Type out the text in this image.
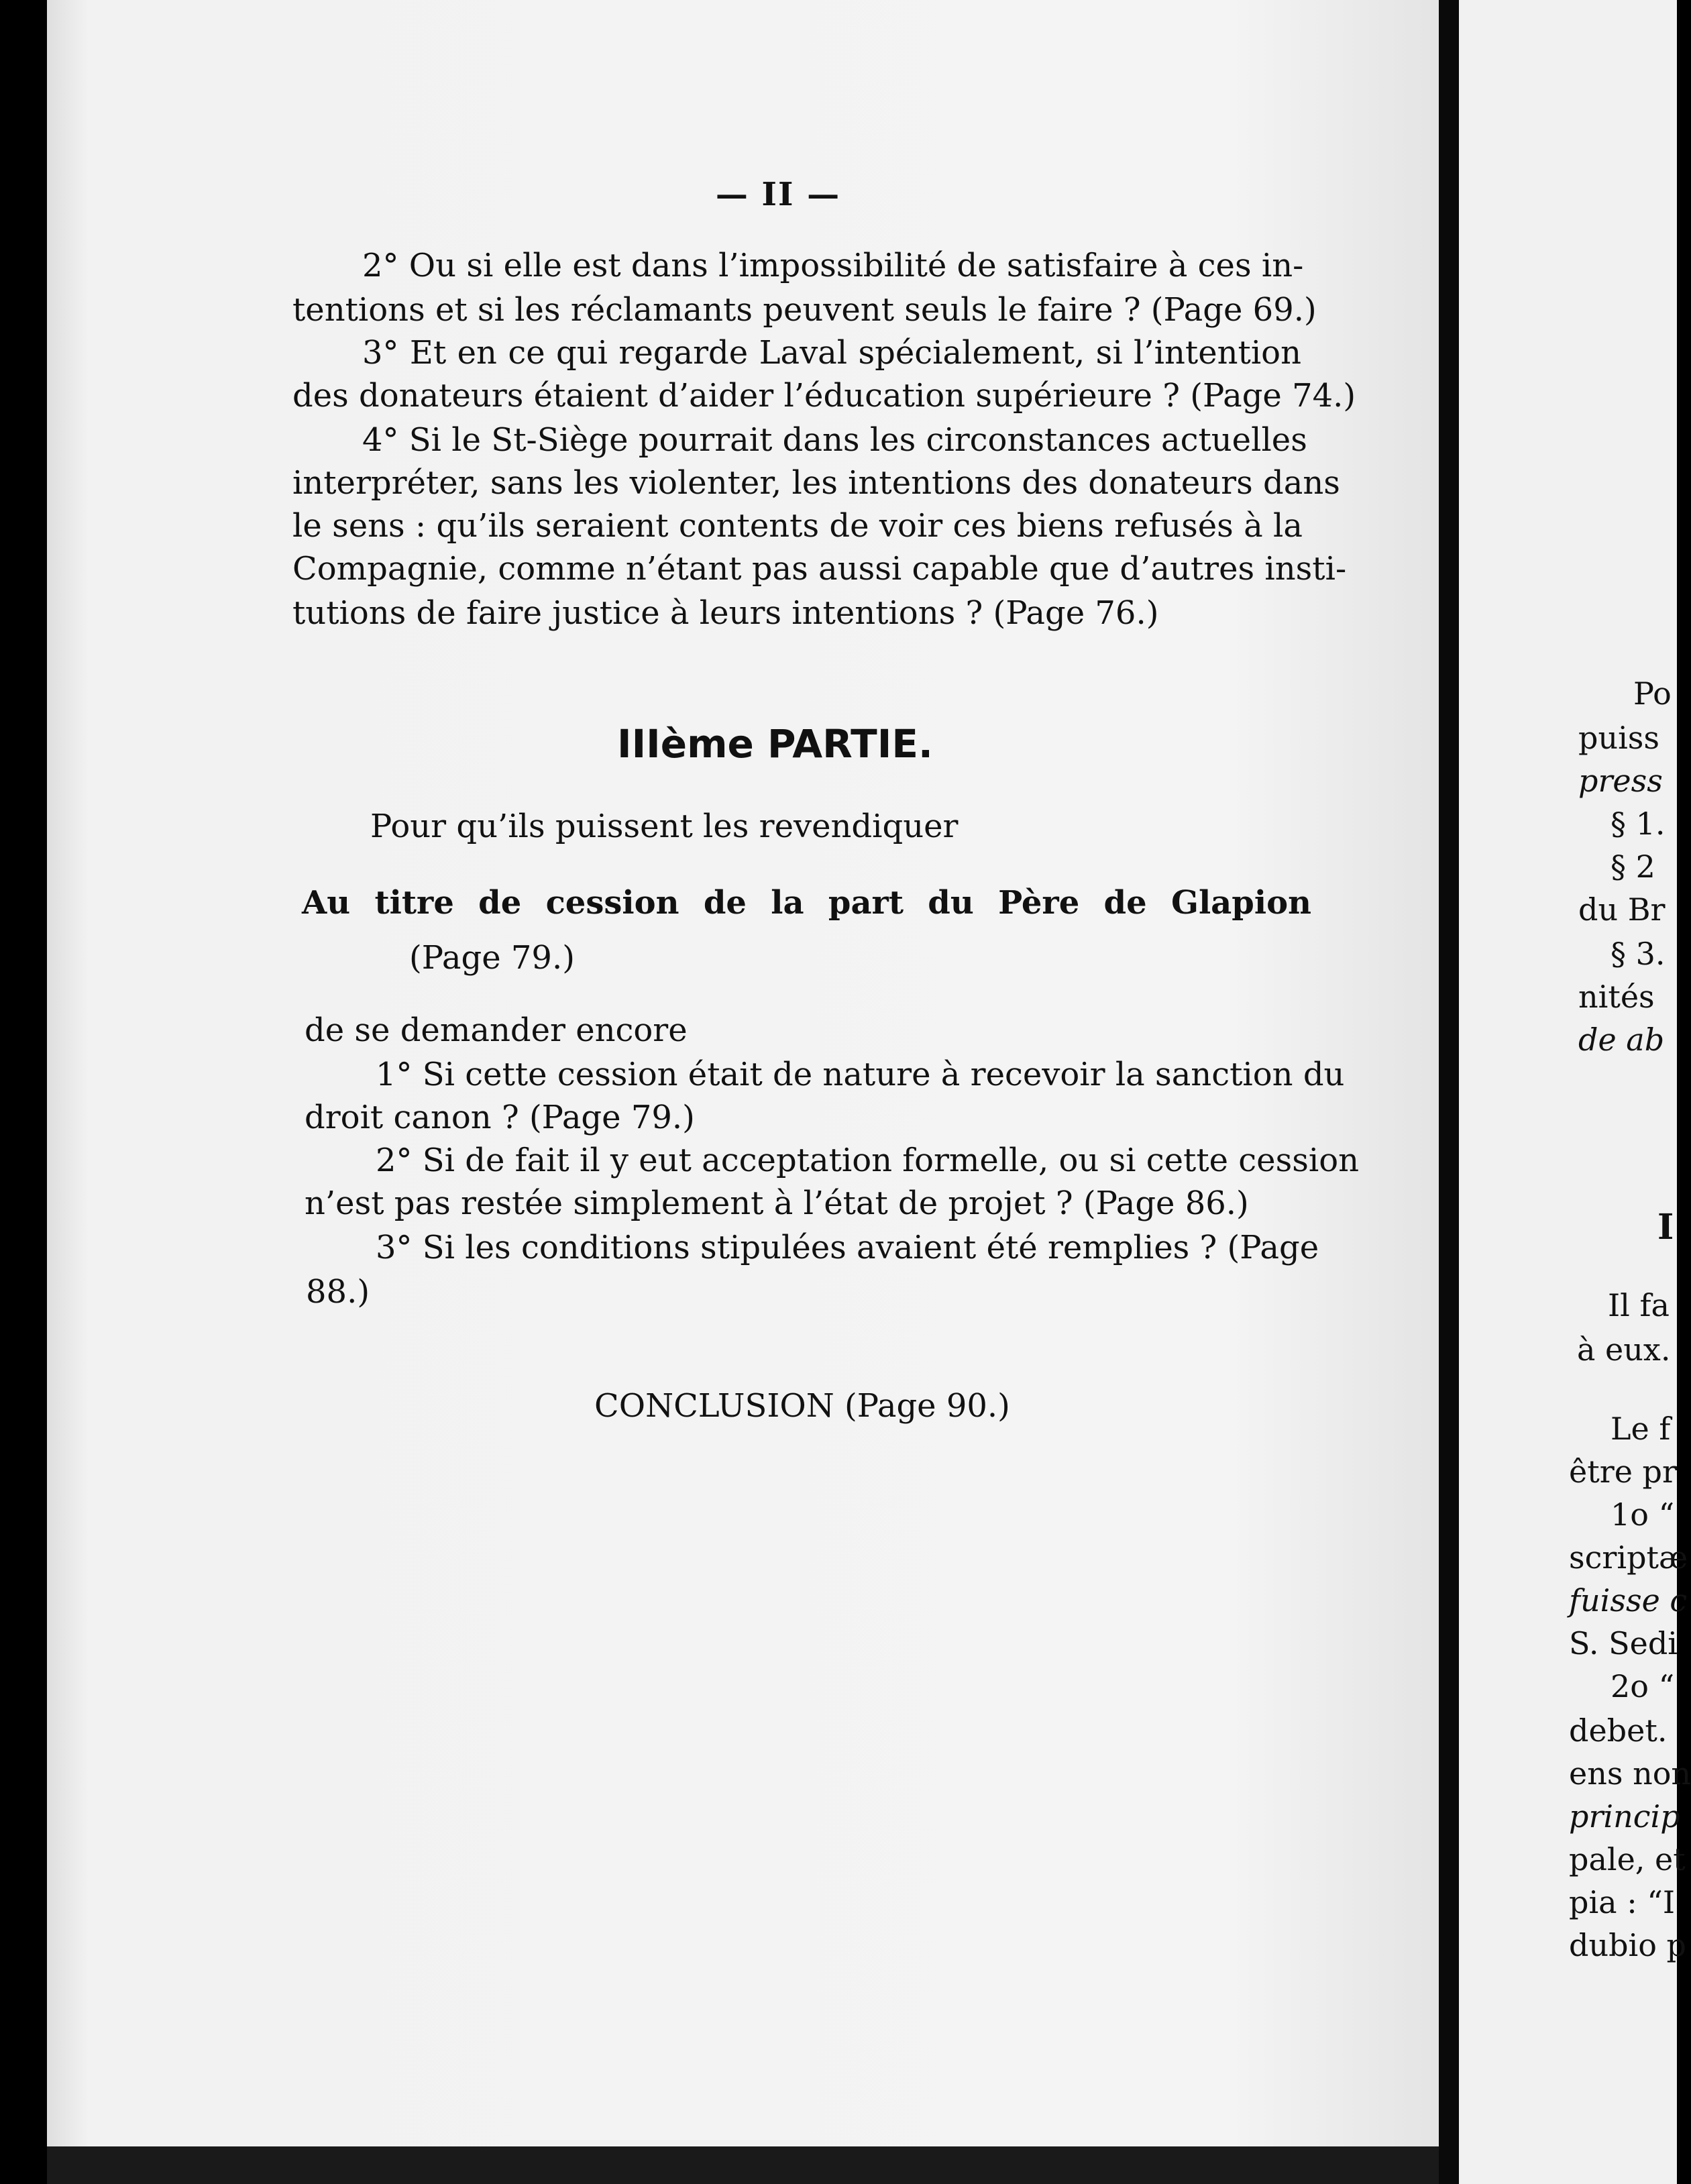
— II —
2° Ou si elle est dans l’impossibilité de satisfaire à ces in-
tentions et si les réclamants peuvent seuls le faire ? (Page 69.)
3° Et en ce qui regarde Laval spécialement, si l’intention
des donateurs étaient d’aider l’éducation supérieure ? (Page 74.)
4° Si le St-Siège pourrait dans les circonstances actuelles
interpréter, sans les violenter, les intentions des donateurs dans
le sens : qu’ils seraient contents de voir ces biens refusés à la
Compagnie, comme n’étant pas aussi capable que d’autres insti-
tutions de faire justice à leurs intentions ? (Page 76.)
IIIème PARTIE.
Pour qu’ils puissent les revendiquer
Au titre de cession de la part du Père de Glapion
(Page 79.)
de se demander encore
1° Si cette cession était de nature à recevoir la sanction du
droit canon ? (Page 79.)
2° Si de fait il y eut acceptation formelle, ou si cette cession
n’est pas restée simplement à l’état de projet ? (Page 86.)
3° Si les conditions stipulées avaient été remplies ? (Page
88.)
CONCLUSION (Page 90.)
Po
puiss
press
§ 1.
§ 2
du Br
§ 3.
nités
de ab
I
Il fa
à eux.
Le f
être pr
1o “
scriptæ
fuisse c
S. Sedi
2o “
debet.
ens non
princip
pale, et
pia : “I
dubio p
